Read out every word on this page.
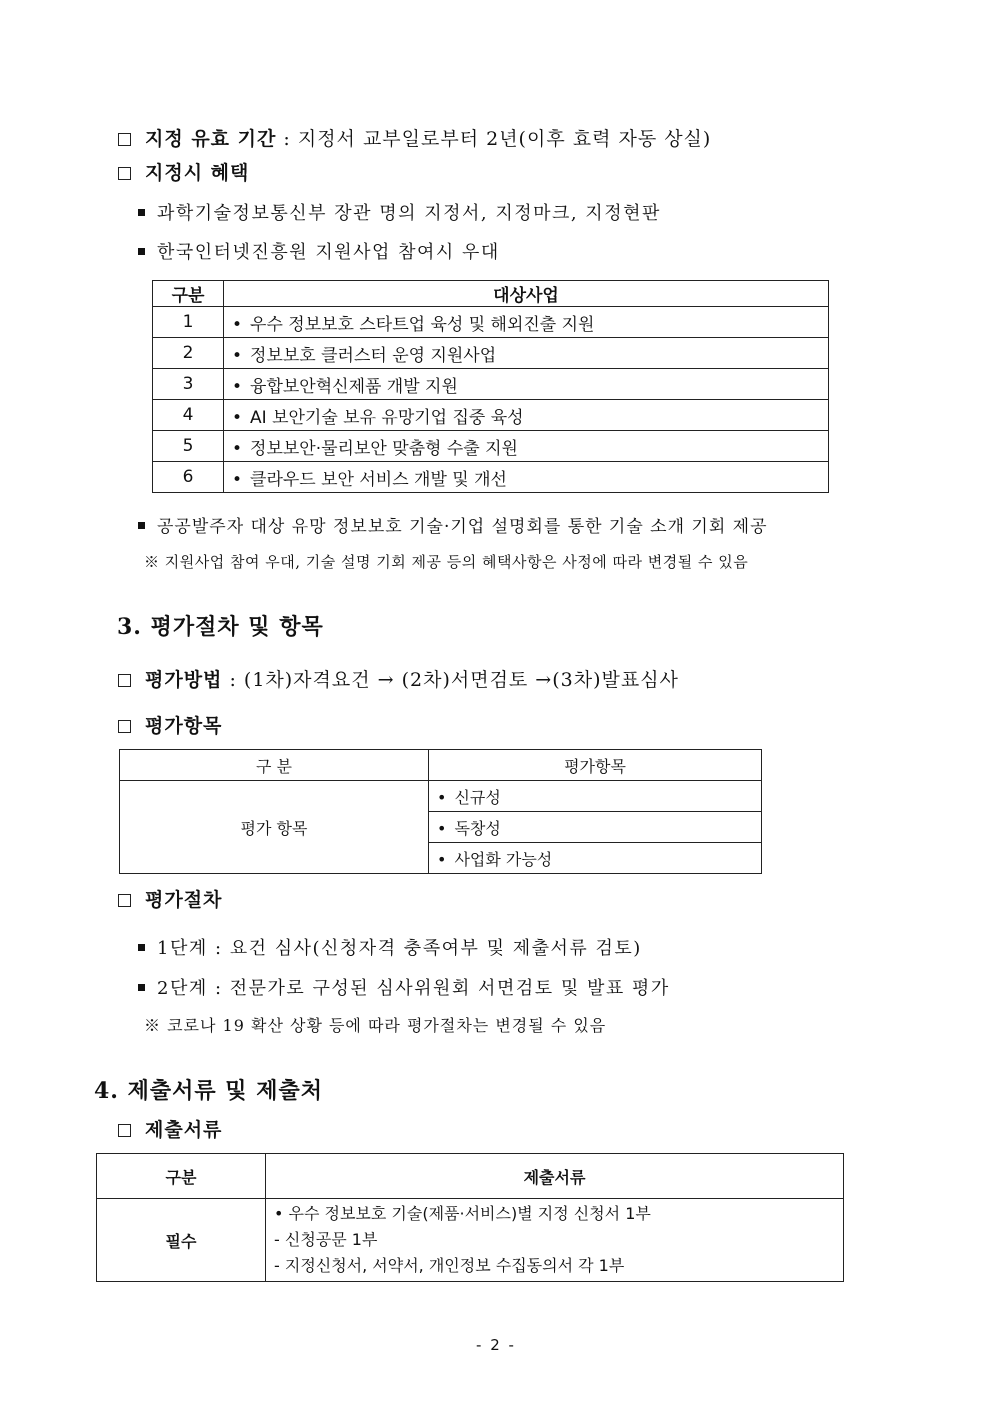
지정 유효 기간 : 지정서 교부일로부터 2년(이후 효력 자동 상실)
지정시 혜택
과학기술정보통신부 장관 명의 지정서, 지정마크, 지정현판
한국인터넷진흥원 지원사업 참여시 우대
구분	대상사업
1	• 우수 정보보호 스타트업 육성 및 해외진출 지원
2	• 정보보호 클러스터 운영 지원사업
3	• 융합보안혁신제품 개발 지원
4	• AI 보안기술 보유 유망기업 집중 육성
5	• 정보보안·물리보안 맞춤형 수출 지원
6	• 클라우드 보안 서비스 개발 및 개선
공공발주자 대상 유망 정보보호 기술·기업 설명회를 통한 기술 소개 기회 제공
※ 지원사업 참여 우대, 기술 설명 기회 제공 등의 혜택사항은 사정에 따라 변경될 수 있음
3. 평가절차 및 항목
평가방법 : (1차)자격요건 → (2차)서면검토 →(3차)발표심사
평가항목
구 분	평가항목
평가 항목	• 신규성
	• 독창성
	• 사업화 가능성
평가절차
1단계 : 요건 심사(신청자격 충족여부 및 제출서류 검토)
2단계 : 전문가로 구성된 심사위원회 서면검토 및 발표 평가
※ 코로나 19 확산 상황 등에 따라 평가절차는 변경될 수 있음
4. 제출서류 및 제출처
제출서류
구분	제출서류
필수	• 우수 정보보호 기술(제품·서비스)별 지정 신청서 1부
- 신청공문 1부
- 지정신청서, 서약서, 개인정보 수집동의서 각 1부
- 2 -
